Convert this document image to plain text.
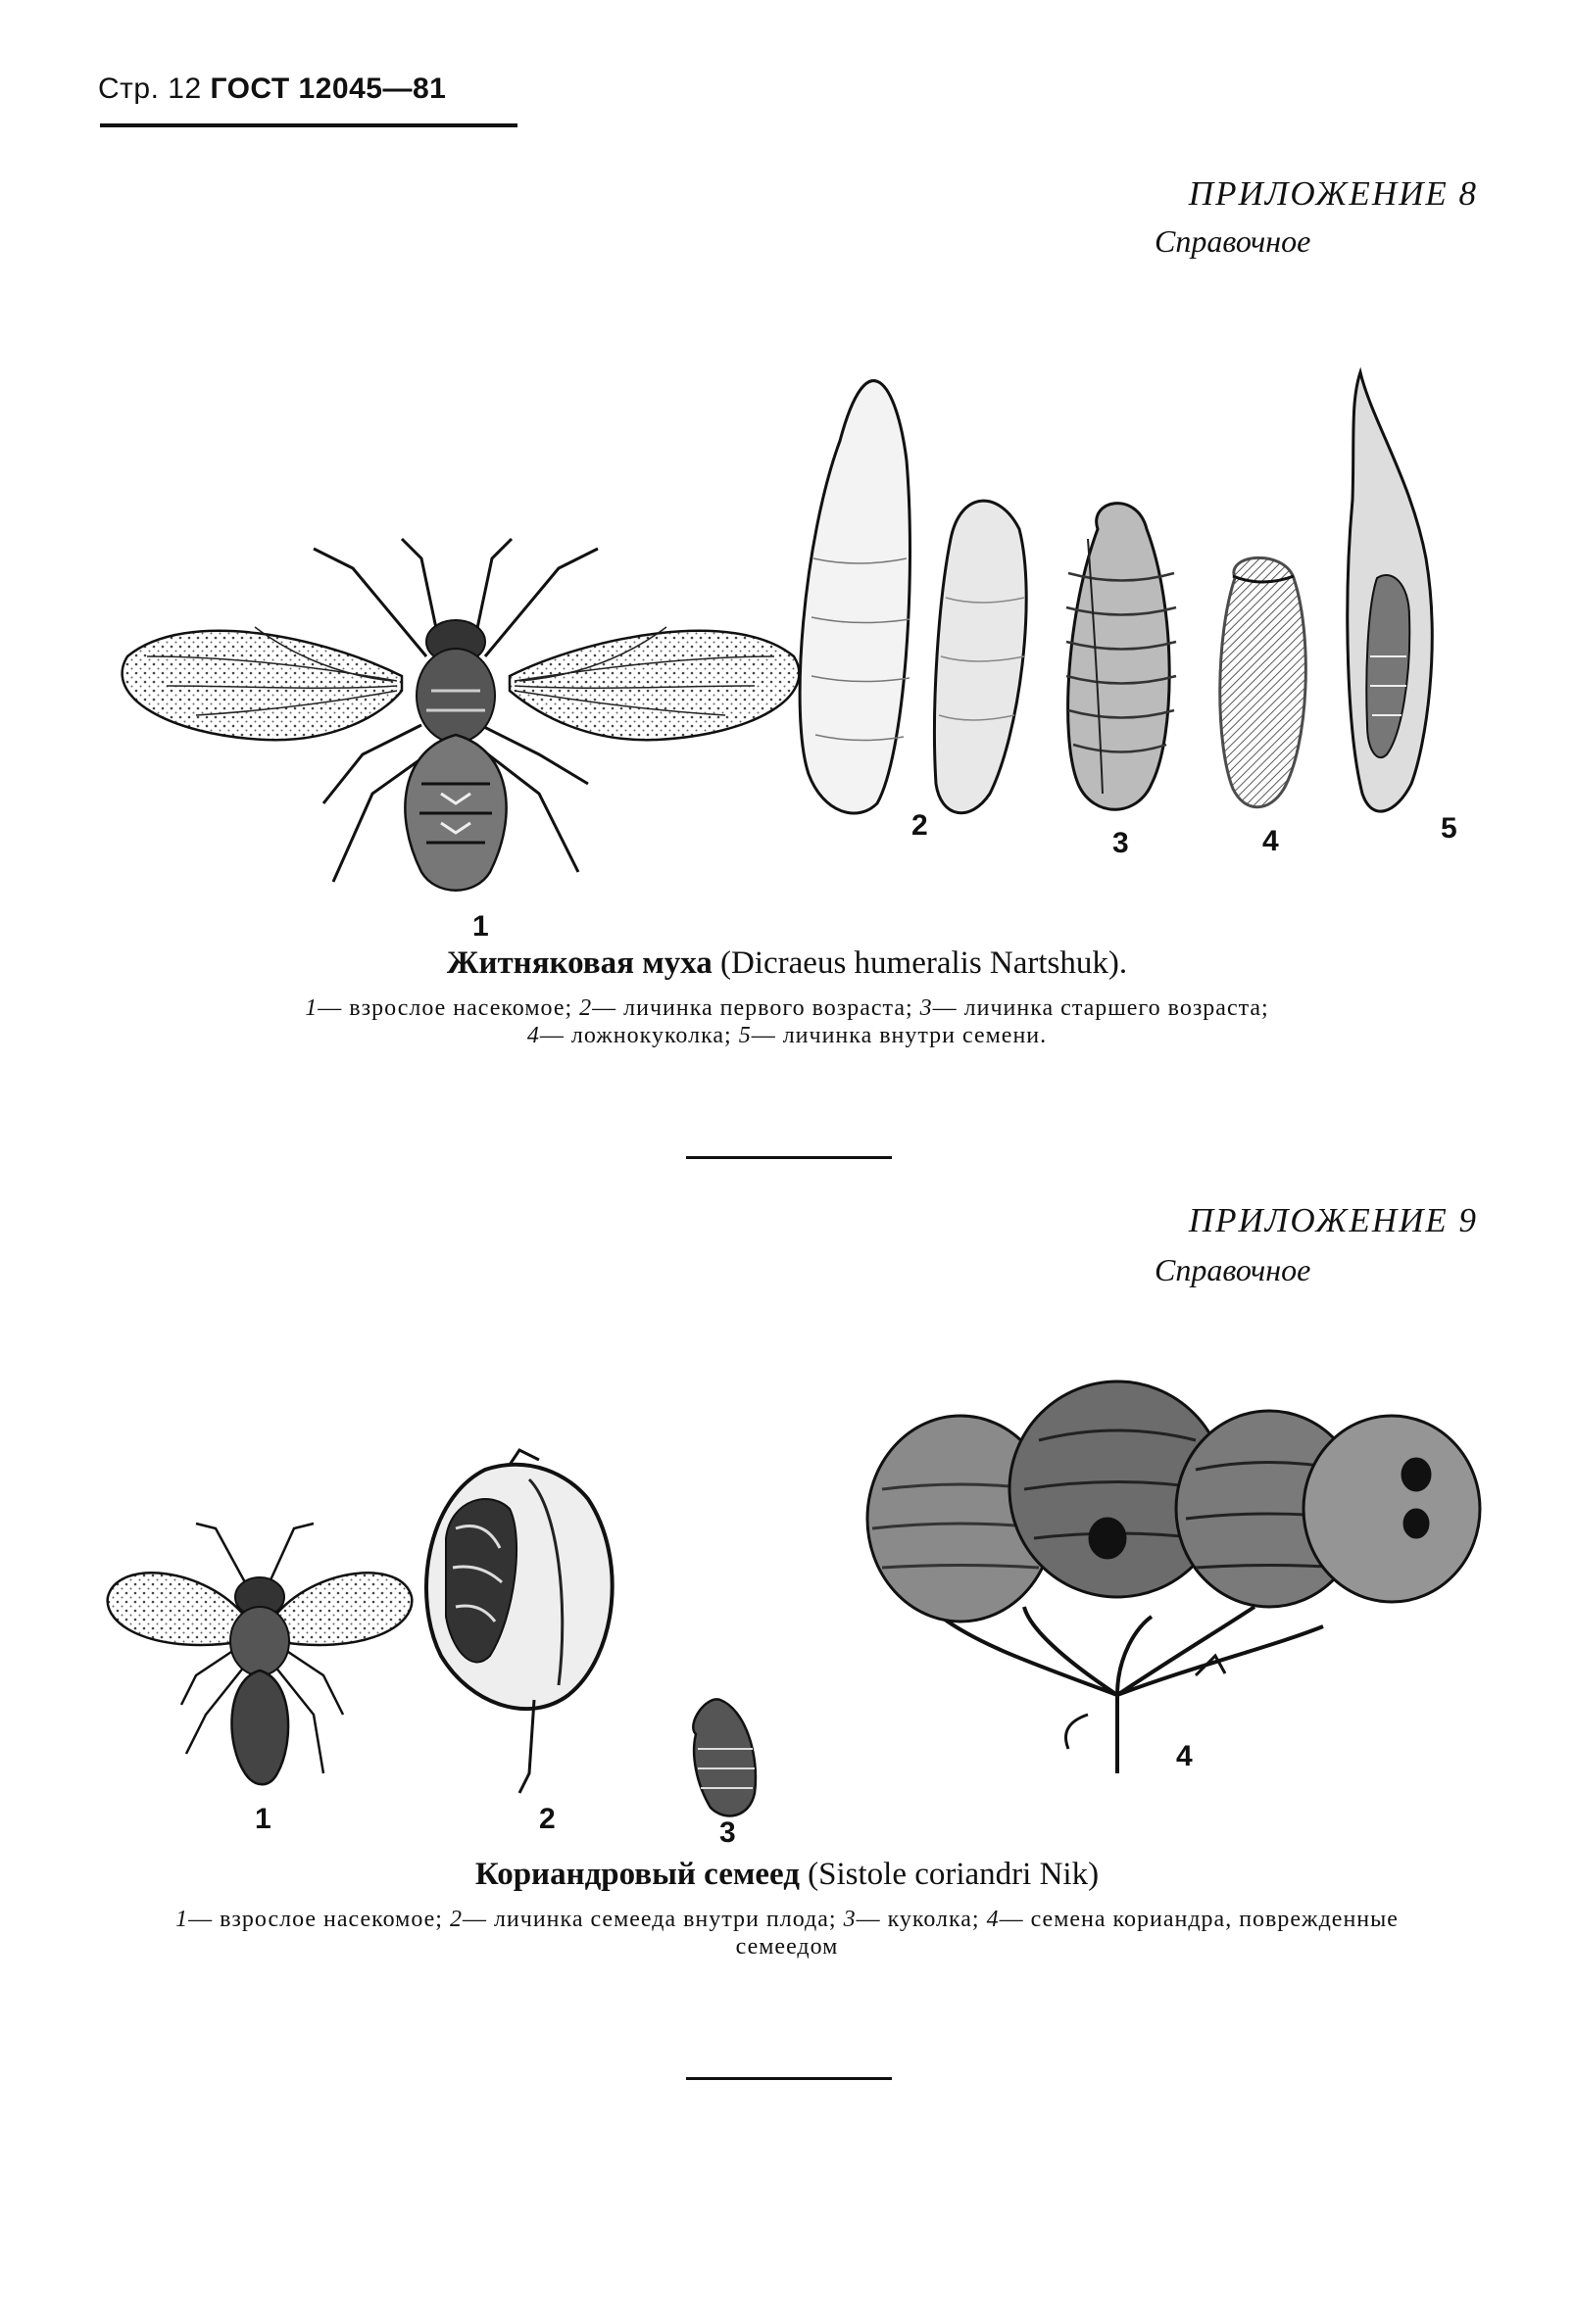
Стр. 12 ГОСТ 12045—81
ПРИЛОЖЕНИЕ 8
Справочное
1
2
3	4	5
Житняковая муха (Dicraeus humeralis Nartshuk).
1— взрослое насекомое; 2— личинка первого возраста; 3— личинка старшего возраста;
4— ложнокуколка; 5— личинка внутри семени.
ПРИЛОЖЕНИЕ 9
Справочное
1	2	3
4
Кориандровый семеед (Sistole coriandri Nik)
1— взрослое насекомое; 2— личинка семееда внутри плода; 3— куколка; 4— семена кориандра, поврежденные семеедом
